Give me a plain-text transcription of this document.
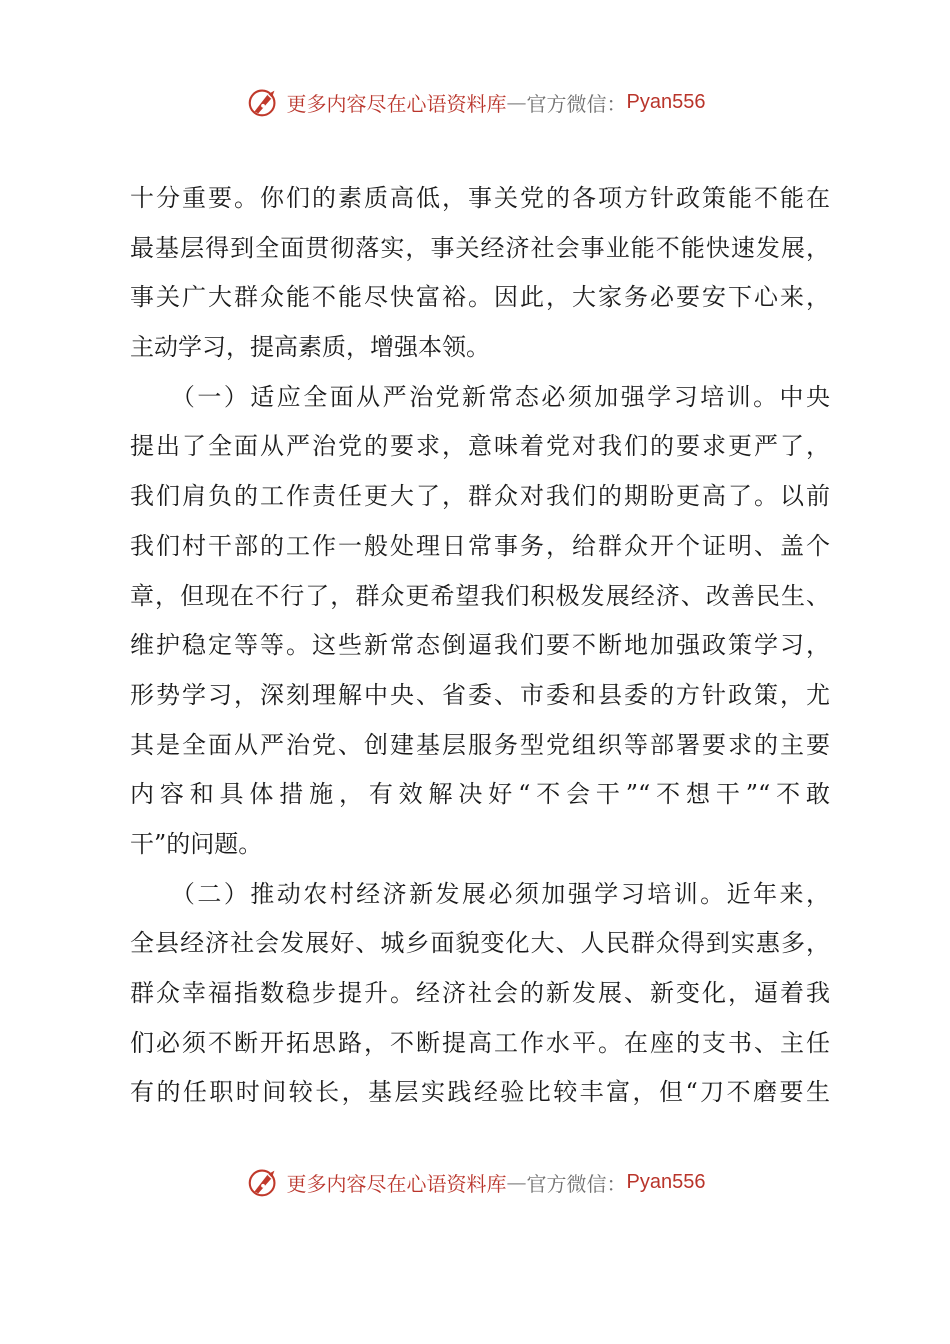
更多内容尽在心语资料库 — 官方微信： Pyan556
十分重要。你们的素质高低，事关党的各项方针政策能不能在
最基层得到全面贯彻落实，事关经济社会事业能不能快速发展，
事关广大群众能不能尽快富裕。因此，大家务必要安下心来，
主动学习，提高素质，增强本领。
　　（一）适应全面从严治党新常态必须加强学习培训。中央
提出了全面从严治党的要求，意味着党对我们的要求更严了，
我们肩负的工作责任更大了，群众对我们的期盼更高了。以前
我们村干部的工作一般处理日常事务，给群众开个证明、盖个
章，但现在不行了，群众更希望我们积极发展经济、改善民生、
维护稳定等等。这些新常态倒逼我们要不断地加强政策学习，
形势学习，深刻理解中央、省委、市委和县委的方针政策，尤
其是全面从严治党、创建基层服务型党组织等部署要求的主要
内容和具体措施，有效解决好“不会干”“不想干”“不敢
干”的问题。
　　（二）推动农村经济新发展必须加强学习培训。近年来，
全县经济社会发展好、城乡面貌变化大、人民群众得到实惠多，
群众幸福指数稳步提升。经济社会的新发展、新变化，逼着我
们必须不断开拓思路，不断提高工作水平。在座的支书、主任
有的任职时间较长，基层实践经验比较丰富，但“刀不磨要生
更多内容尽在心语资料库 — 官方微信： Pyan556
